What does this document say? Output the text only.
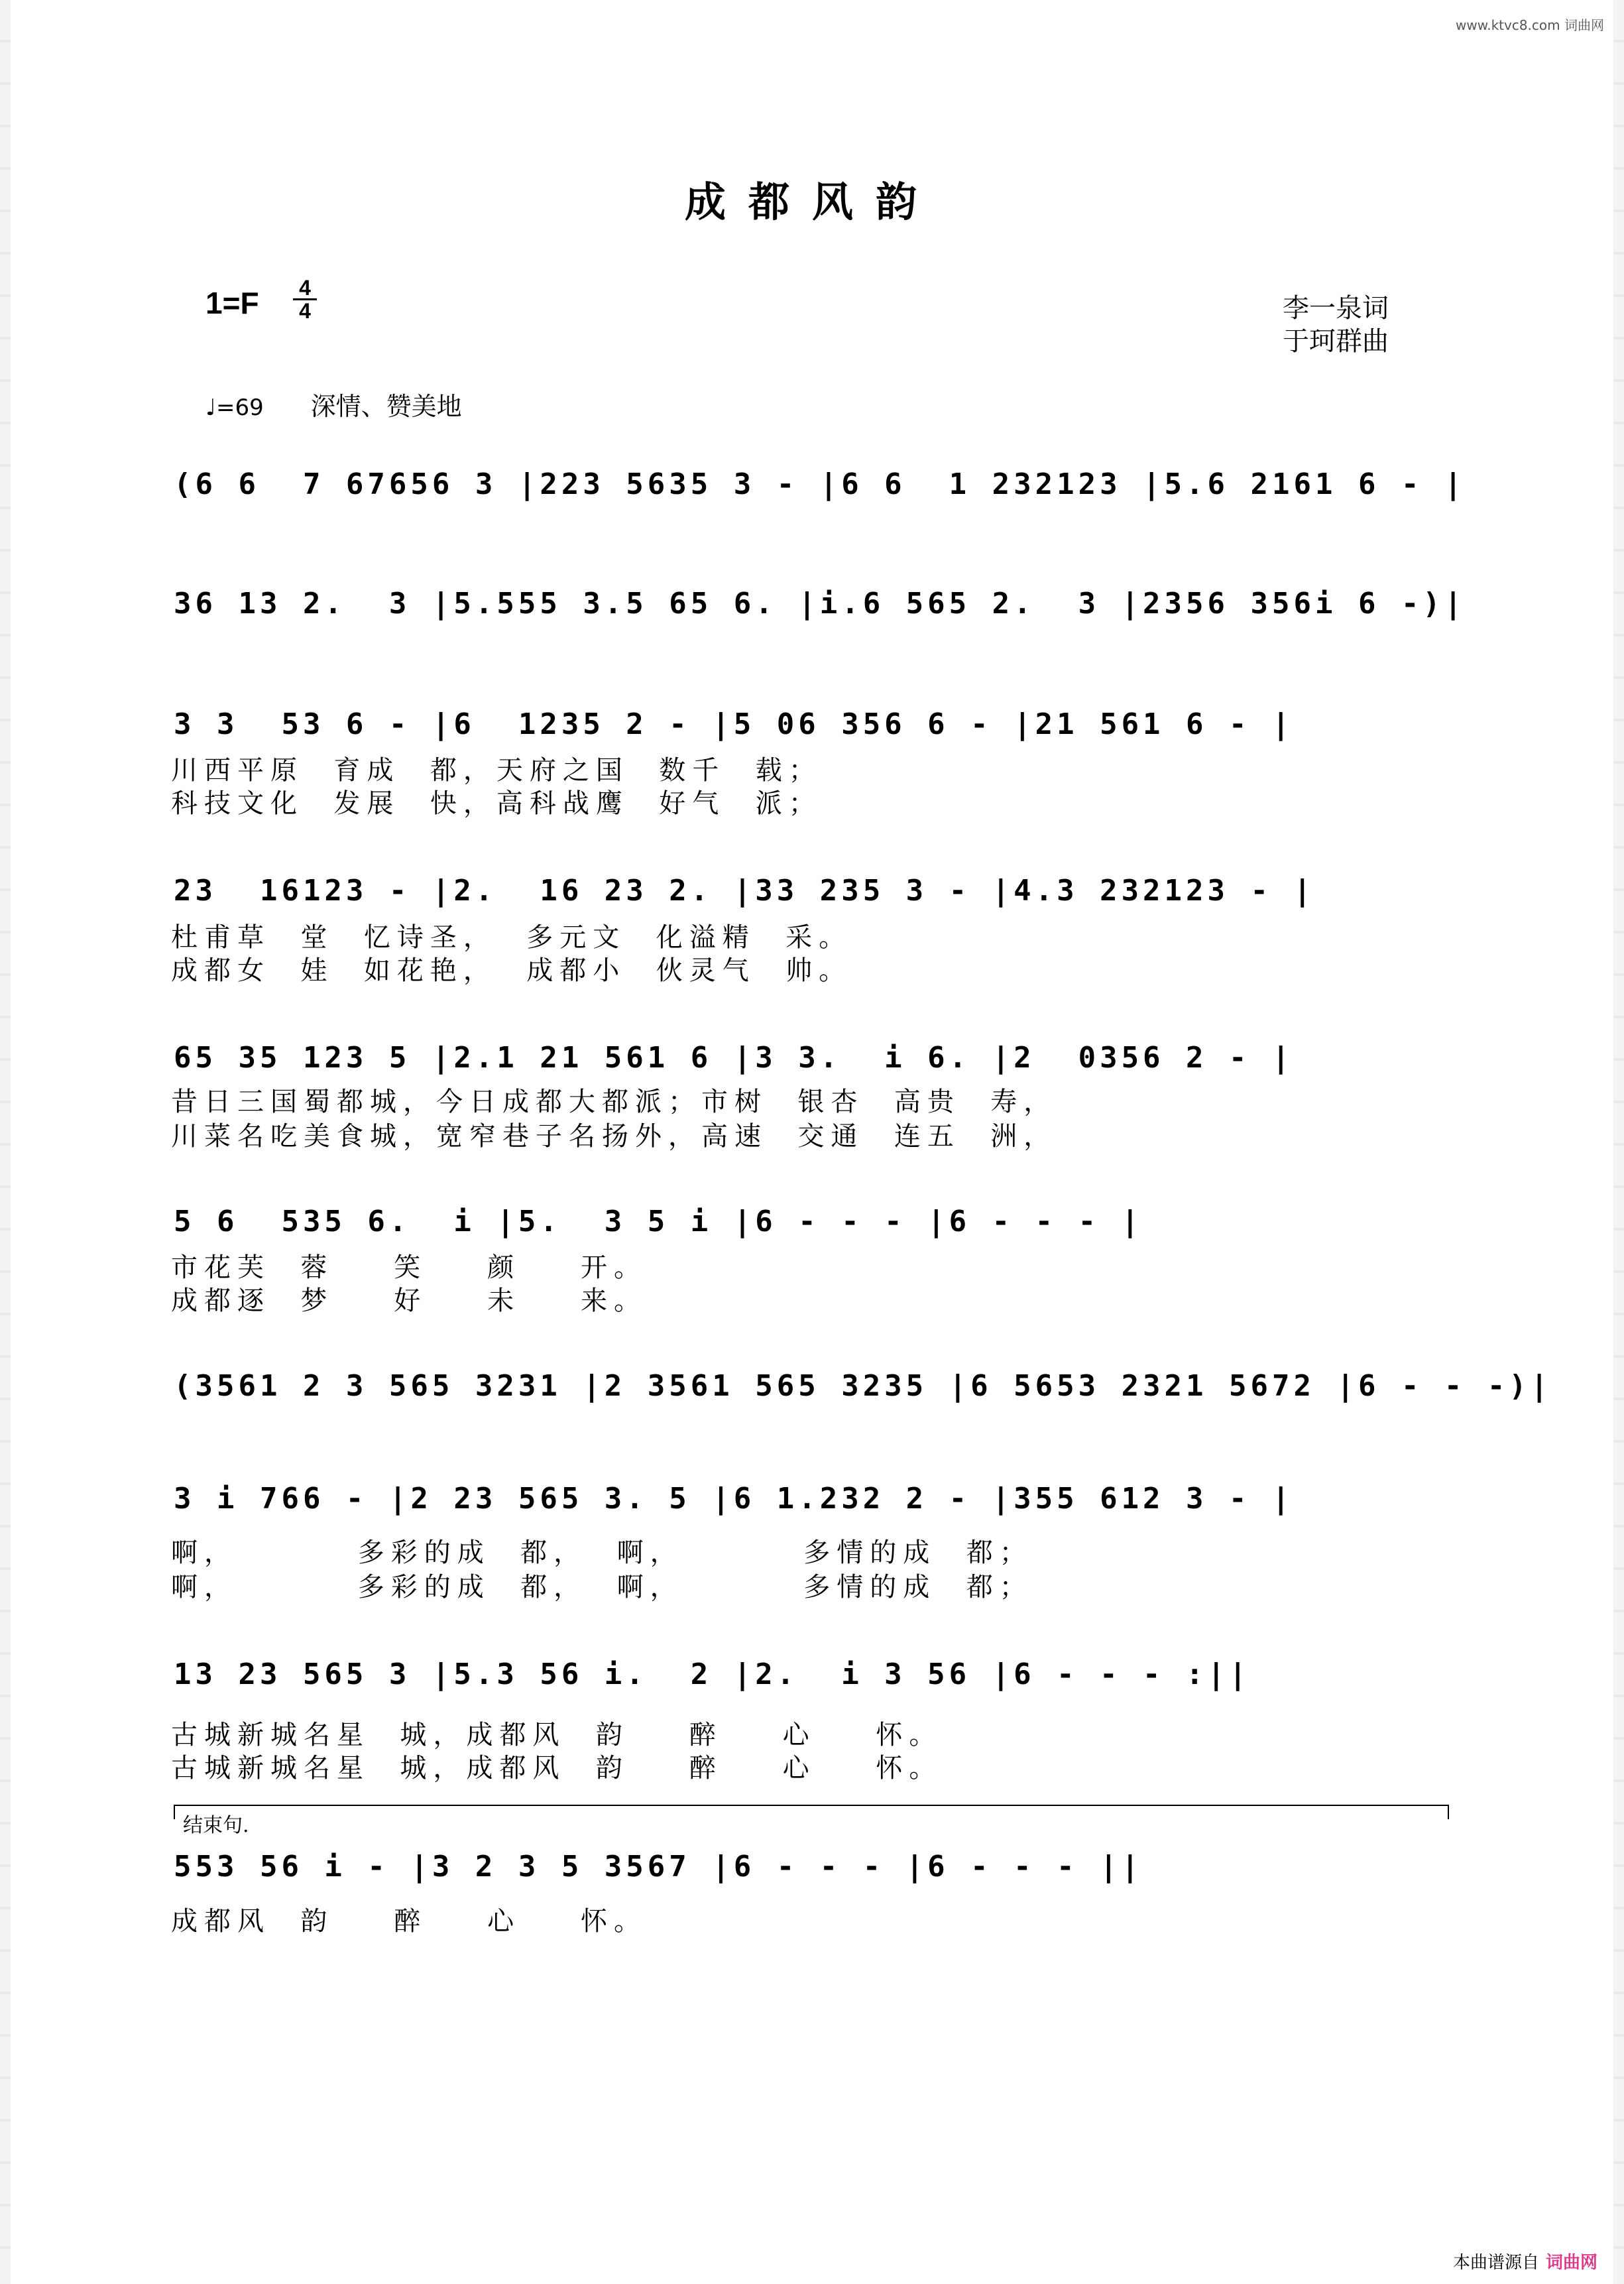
www.ktvc8.com 词曲网
成都风韵
$1=F \frac{4}{4}$	李一泉词
于珂群曲
♩=69 深情、赞美地
(6 6  7 67656 3 |223 5635 3 - |6 6  1 232123 |5.6 2161 6 - |
36 13 2.  3 |5.555 3.5 65 6. |i.6 565 2.  3 |2356 356i 6 -)|
3 3  53 6 - |6  1235 2 - |5 06 356 6 - |21 561 6 - |
川西平原  育成  都，天府之国  数千  载；
科技文化  发展  快，高科战鹰  好气  派；
23  16123 - |2.  16 23 2. |33 235 3 - |4.3 232123 - |
杜甫草  堂  忆诗圣，  多元文  化溢精  采。
成都女  娃  如花艳，  成都小  伙灵气  帅。
65 35 123 5 |2.1 21 561 6 |3 3.  i 6. |2  0356 2 - |
昔日三国蜀都城，今日成都大都派；市树  银杏  高贵  寿，
川菜名吃美食城，宽窄巷子名扬外，高速  交通  连五  洲，
5 6  535 6.  i |5.  3 5 i |6 - - - |6 - - - |
市花芙  蓉    笑    颜    开。
成都逐  梦    好    未    来。
(3561 2 3 565 3231 |2 3561 565 3235 |6 5653 2321 5672 |6 - - -)|
3 i 766 - |2 23 565 3. 5 |6 1.232 2 - |355 612 3 - |
啊，        多彩的成  都，  啊，        多情的成  都；
啊，        多彩的成  都，  啊，        多情的成  都；
13 23 565 3 |5.3 56 i.  2 |2.  i 3 56 |6 - - - :||
古城新城名星  城，成都风  韵    醉    心    怀。
古城新城名星  城，成都风  韵    醉    心    怀。
结束句.
553 56 i - |3 2 3 5 3567 |6 - - - |6 - - - ||
成都风  韵    醉    心    怀。
本曲谱源自 词曲网
